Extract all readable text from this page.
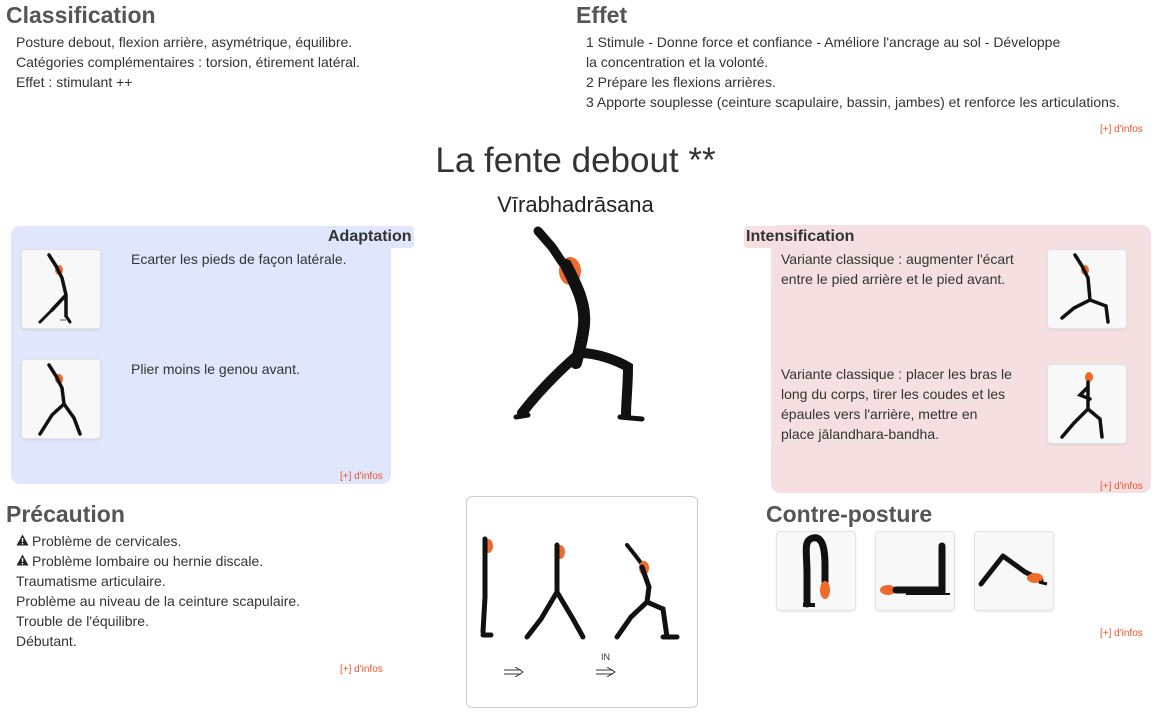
Classification
Posture debout, flexion arrière, asymétrique, équilibre.
Catégories complémentaires : torsion, étirement latéral.
Effet : stimulant ++
Effet
1 Stimule - Donne force et confiance - Améliore l'ancrage au sol - Développe
la concentration et la volonté.
2 Prépare les flexions arrières.
3 Apporte souplesse (ceinture scapulaire, bassin, jambes) et renforce les articulations.
[+] d'infos
La fente debout **
Vīrabhadrāsana
Adaptation
Ecarter les pieds de façon latérale.
Plier moins le genou avant.
[+] d'infos
Intensification
Variante classique : augmenter l'écart
entre le pied arrière et le pied avant.
Variante classique : placer les bras le
long du corps, tirer les coudes et les
épaules vers l'arrière, mettre en
place jālandhara-bandha.
[+] d'infos
Précaution
Problème de cervicales.
Problème lombaire ou hernie discale.
Traumatisme articulaire.
Problème au niveau de la ceinture scapulaire.
Trouble de l'équilibre.
Débutant.
[+] d'infos
IN
Contre-posture
[+] d'infos
